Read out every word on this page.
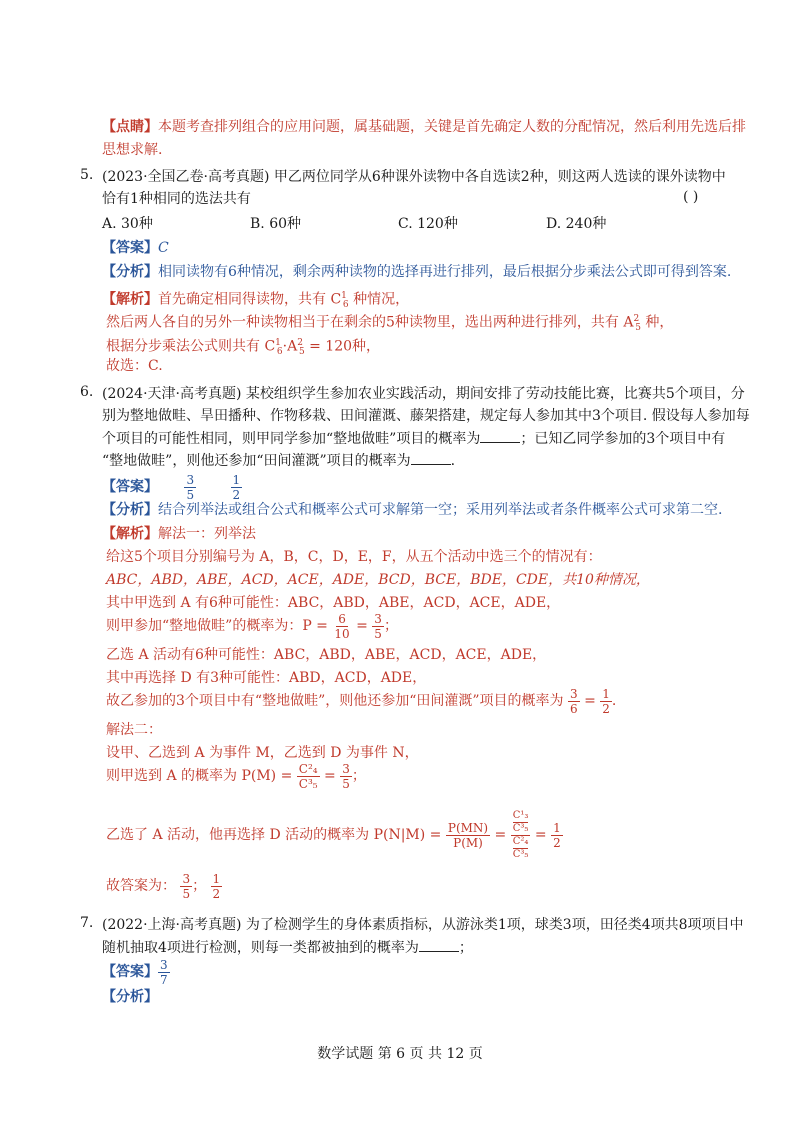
【点睛】本题考查排列组合的应用问题，属基础题，关键是首先确定人数的分配情况，然后利用先选后排
思想求解.
5. (2023·全国乙卷·高考真题) 甲乙两位同学从6种课外读物中各自选读2种，则这两人选读的课外读物中
恰有1种相同的选法共有	( )
A. 30种	B. 60种	C. 120种	D. 240种
【答案】C
【分析】相同读物有6种情况，剩余两种读物的选择再进行排列，最后根据分步乘法公式即可得到答案.
【解析】首先确定相同得读物，共有 $C^1_6$ 种情况，
然后两人各自的另外一种读物相当于在剩余的5种读物里，选出两种进行排列，共有 $A^2_5$ 种，
根据分步乘法公式则共有 $C^1_6\cdot A^2_5 = 120$种，
故选：C.
6. (2024·天津·高考真题) 某校组织学生参加农业实践活动，期间安排了劳动技能比赛，比赛共5个项目，分
别为整地做畦、旱田播种、作物移栽、田间灌溉、藤架搭建，规定每人参加其中3个项目. 假设每人参加每
个项目的可能性相同，则甲同学参加“整地做畦”项目的概率为	；已知乙同学参加的3个项目中有
“整地做畦”，则他还参加“田间灌溉”项目的概率为	.
【答案】 $\frac{3}{5}$
	$\frac{1}{2}$
【分析】结合列举法或组合公式和概率公式可求解第一空；采用列举法或者条件概率公式可求第二空.
【解析】解法一：列举法
给这5个项目分别编号为 A，B，C，D，E，F，从五个活动中选三个的情况有：
ABC，ABD，ABE，ACD，ACE，ADE，BCD，BCE，BDE，CDE，共10种情况，
其中甲选到 A 有6种可能性：ABC，ABD，ABE，ACD，ACE，ADE，
则甲参加“整地做畦”的概率为：$P = \frac{6}{10} = \frac{3}{5}$ ；
乙选 A 活动有6种可能性：ABC，ABD，ABE，ACD，ACE，ADE，
其中再选择 D 有3种可能性：ABD，ACD，ADE，
故乙参加的3个项目中有“整地做畦”，则他还参加“田间灌溉”项目的概率为 $\frac{3}{6} = \frac{1}{2}$ .
解法二：
设甲、乙选到 A 为事件 M，乙选到 D 为事件 N，
则甲选到 A 的概率为 $P(M) = \frac{\text{C²₄}}{\text{C³₅}} = \frac{3}{5}$ ；
乙选了 A 活动，他再选择 D 活动的概率为 $P(N|M) = \frac{P(MN)}{P(M)} = \frac{\frac{\text{C¹₃}}{\text{C³₅}}}{\frac{\text{C²₄}}{\text{C³₅}}} = \frac{1}{2}$
故答案为： $\frac{3}{5}$ ； $\frac{1}{2}$
7. (2022·上海·高考真题) 为了检测学生的身体素质指标，从游泳类1项，球类3项，田径类4项共8项项目中
随机抽取4项进行检测，则每一类都被抽到的概率为	；
【答案】 $\frac{3}{7}$
【分析】
数学试题 第 6 页 共 12 页
